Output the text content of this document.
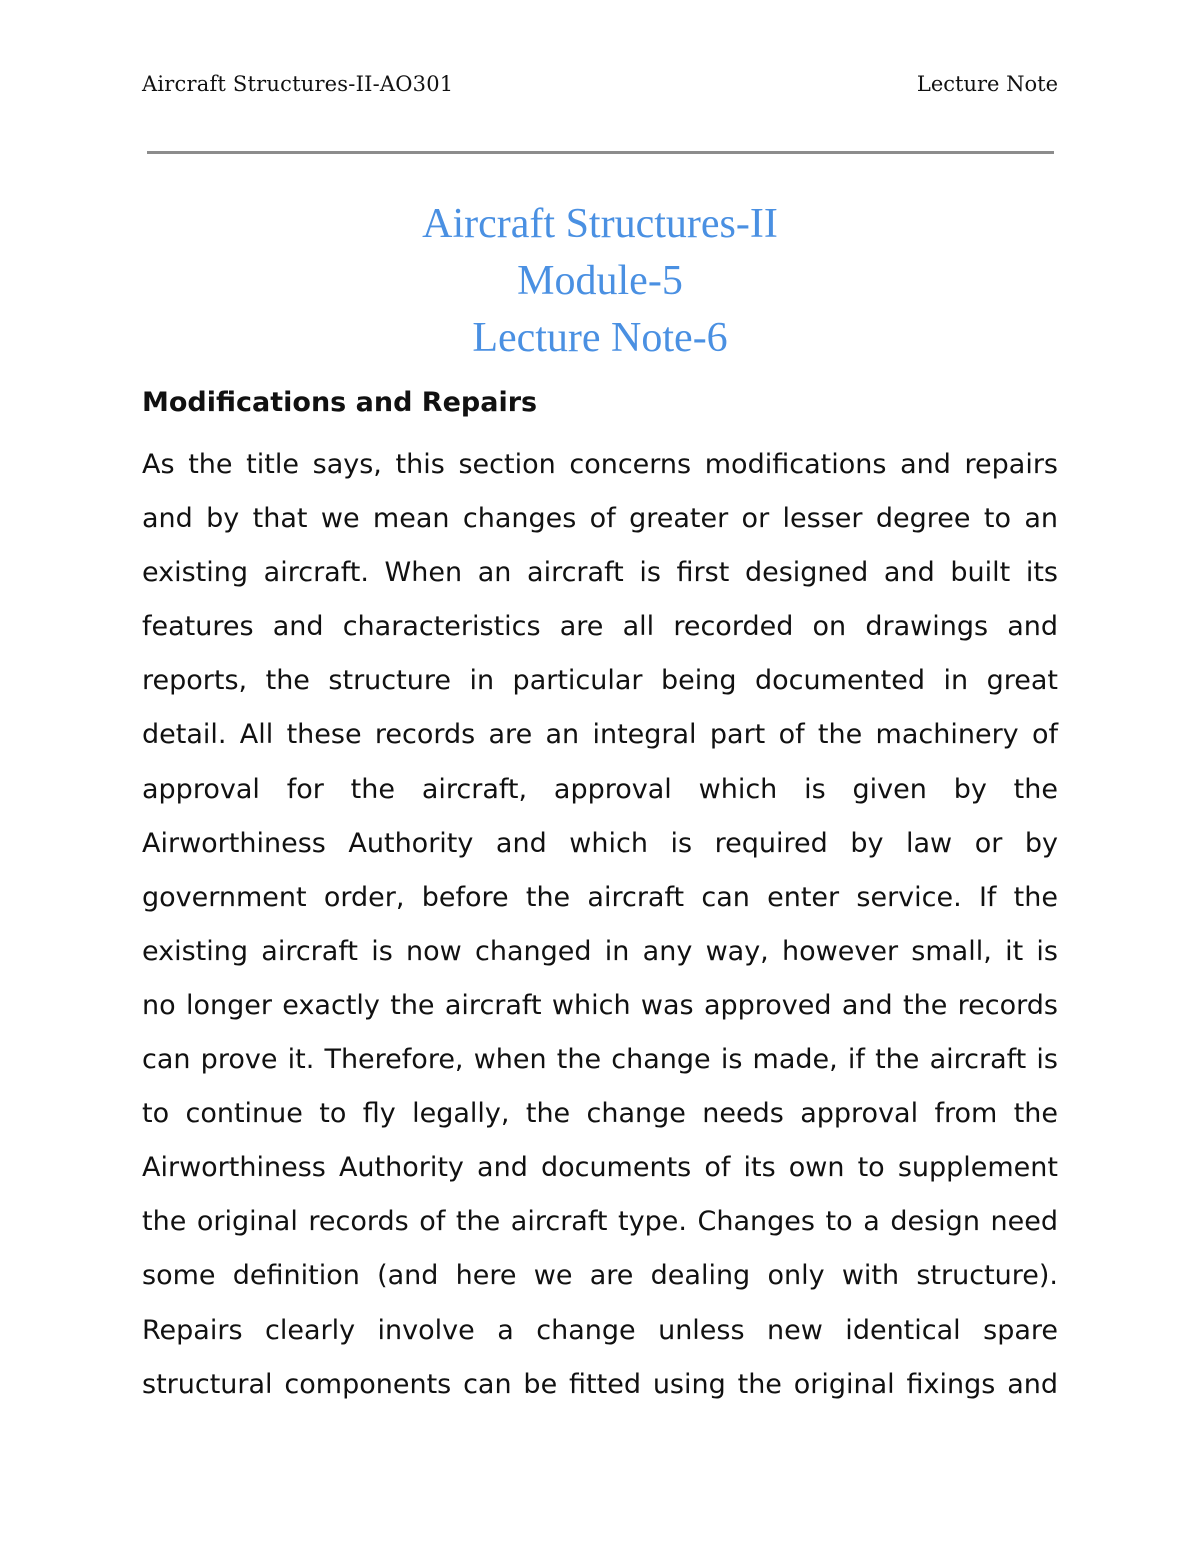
Aircraft Structures-II-AO301	Lecture Note
Aircraft Structures-II
Module-5
Lecture Note-6
Modifications and Repairs
As the title says, this section concerns modifications and repairs
and by that we mean changes of greater or lesser degree to an
existing aircraft. When an aircraft is first designed and built its
features and characteristics are all recorded on drawings and
reports, the structure in particular being documented in great
detail. All these records are an integral part of the machinery of
approval for the aircraft, approval which is given by the
Airworthiness Authority and which is required by law or by
government order, before the aircraft can enter service. If the
existing aircraft is now changed in any way, however small, it is
no longer exactly the aircraft which was approved and the records
can prove it. Therefore, when the change is made, if the aircraft is
to continue to fly legally, the change needs approval from the
Airworthiness Authority and documents of its own to supplement
the original records of the aircraft type. Changes to a design need
some definition (and here we are dealing only with structure).
Repairs clearly involve a change unless new identical spare
structural components can be fitted using the original fixings and
